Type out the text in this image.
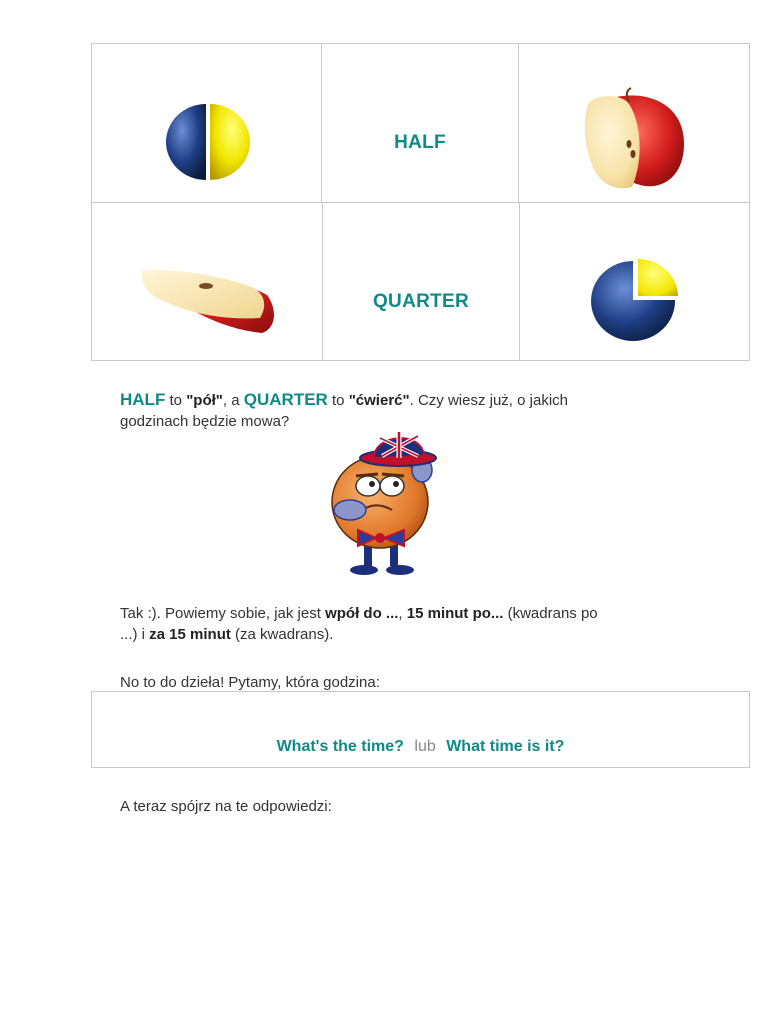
HALF
QUARTER
HALF to "pół", a QUARTER to "ćwierć". Czy wiesz już, o jakich godzinach będzie mowa?
Tak :). Powiemy sobie, jak jest wpół do ..., 15 minut po... (kwadrans po ...) i za 15 minut (za kwadrans).
No to do dzieła! Pytamy, która godzina:
What's the time? lub What time is it?
A teraz spójrz na te odpowiedzi:
